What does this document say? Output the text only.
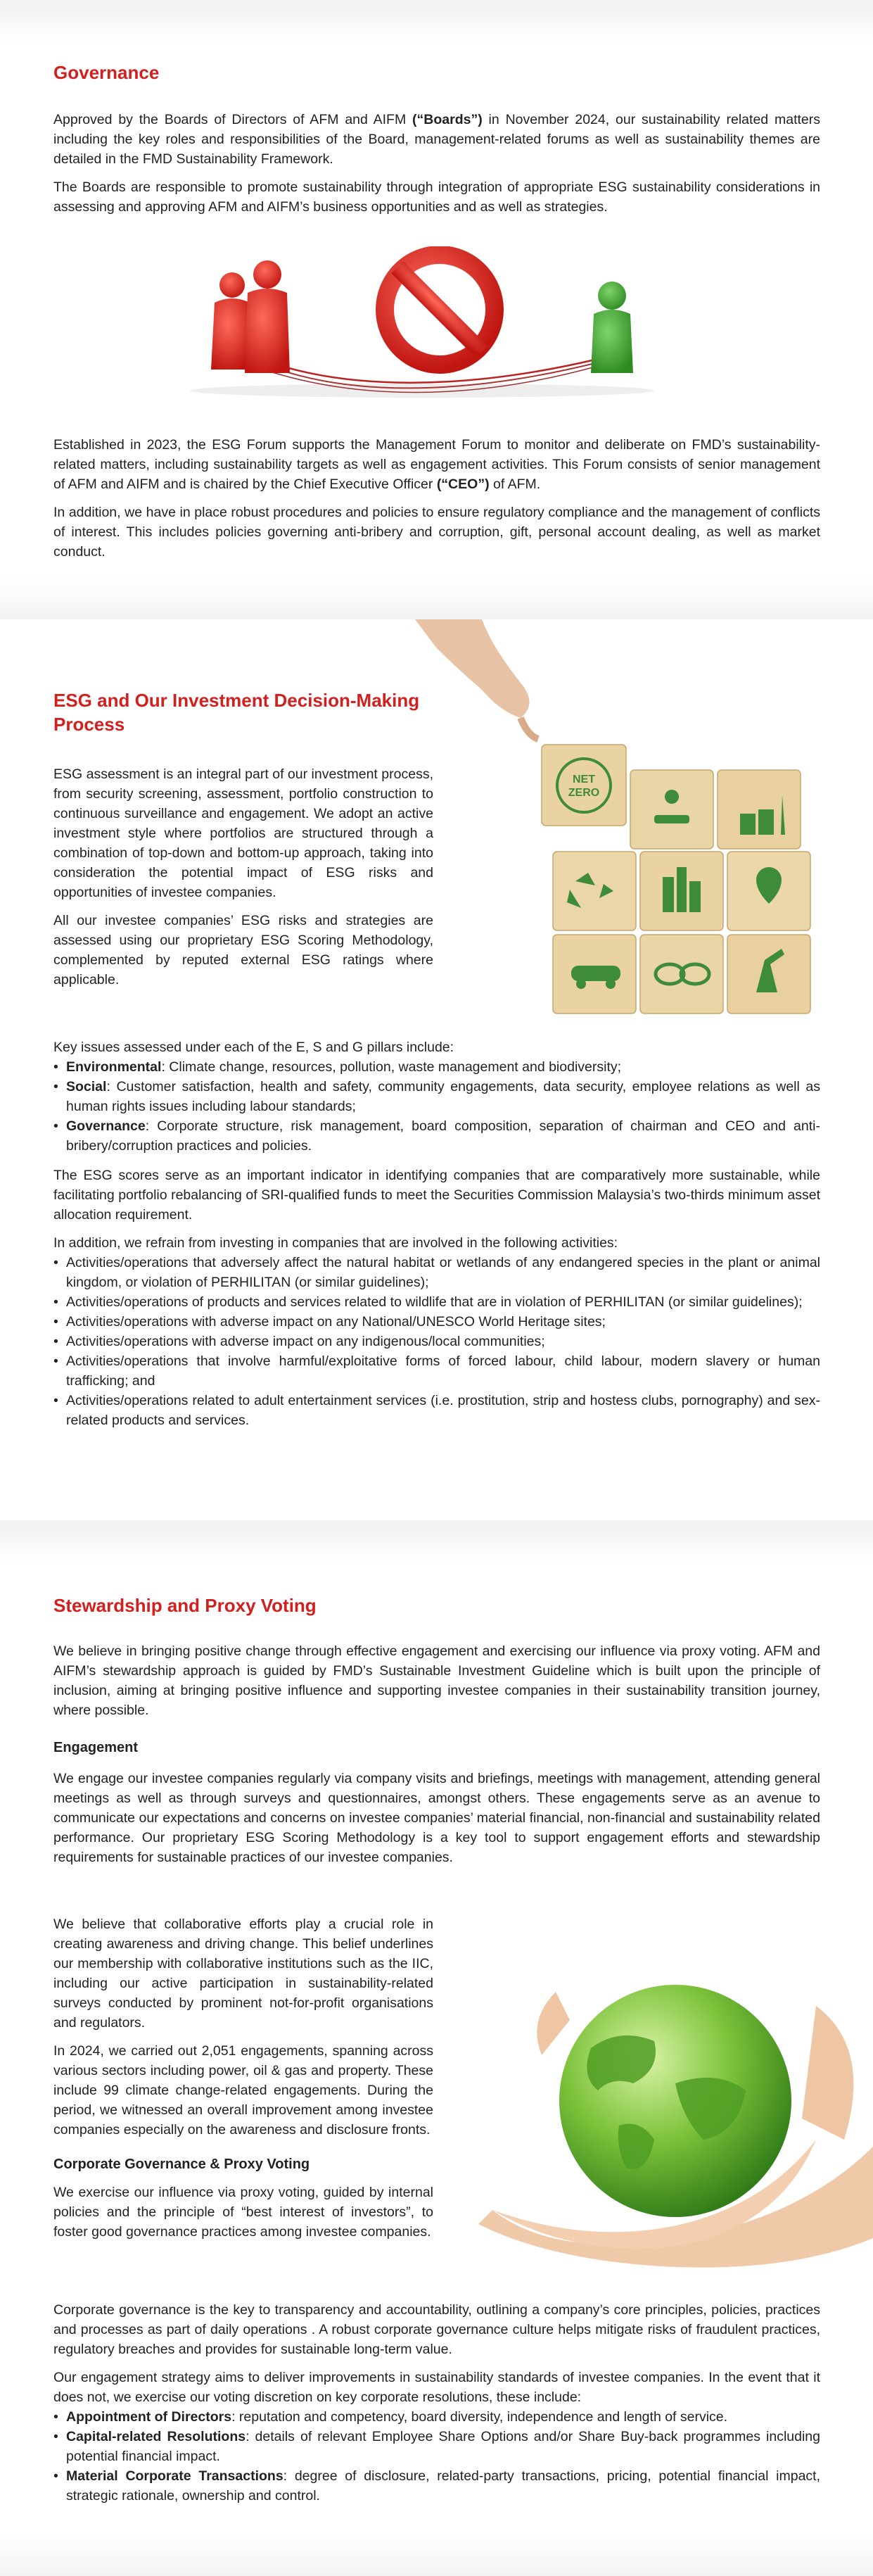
Governance

Approved by the Boards of Directors of AFM and AIFM (“Boards”) in November 2024, our sustainability related matters including the key roles and responsibilities of the Board, management-related forums as well as sustainability themes are detailed in the FMD Sustainability Framework.

The Boards are responsible to promote sustainability through integration of appropriate ESG sustainability considerations in assessing and approving AFM and AIFM’s business opportunities and as well as strategies.

Established in 2023, the ESG Forum supports the Management Forum to monitor and deliberate on FMD’s sustainability-related matters, including sustainability targets as well as engagement activities. This Forum consists of senior management of AFM and AIFM and is chaired by the Chief Executive Officer (“CEO”) of AFM.

In addition, we have in place robust procedures and policies to ensure regulatory compliance and the management of conflicts of interest. This includes policies governing anti-bribery and corruption, gift, personal account dealing, as well as market conduct.

NET
ZERO
ESG and Our Investment Decision-Making
Process

ESG assessment is an integral part of our investment process, from security screening, assessment, portfolio construction to continuous surveillance and engagement. We adopt an active investment style where portfolios are structured through a combination of top-down and bottom-up approach, taking into consideration the potential impact of ESG risks and opportunities of investee companies.

All our investee companies’ ESG risks and strategies are assessed using our proprietary ESG Scoring Methodology, complemented by reputed external ESG ratings where applicable.

Key issues assessed under each of the E, S and G pillars include:

• Environmental: Climate change, resources, pollution, waste management and biodiversity;
• Social: Customer satisfaction, health and safety, community engagements, data security, employee relations as well as human rights issues including labour standards;
• Governance: Corporate structure, risk management, board composition, separation of chairman and CEO and anti-bribery/corruption practices and policies.

The ESG scores serve as an important indicator in identifying companies that are comparatively more sustainable, while facilitating portfolio rebalancing of SRI-qualified funds to meet the Securities Commission Malaysia’s two-thirds minimum asset allocation requirement.

In addition, we refrain from investing in companies that are involved in the following activities:

• Activities/operations that adversely affect the natural habitat or wetlands of any endangered species in the plant or animal kingdom, or violation of PERHILITAN (or similar guidelines);
• Activities/operations of products and services related to wildlife that are in violation of PERHILITAN (or similar guidelines);
• Activities/operations with adverse impact on any National/UNESCO World Heritage sites;
• Activities/operations with adverse impact on any indigenous/local communities;
• Activities/operations that involve harmful/exploitative forms of forced labour, child labour, modern slavery or human trafficking; and
• Activities/operations related to adult entertainment services (i.e. prostitution, strip and hostess clubs, pornography) and sex-related products and services.
Stewardship and Proxy Voting

We believe in bringing positive change through effective engagement and exercising our influence via proxy voting. AFM and AIFM’s stewardship approach is guided by FMD’s Sustainable Investment Guideline which is built upon the principle of inclusion, aiming at bringing positive influence and supporting investee companies in their sustainability transition journey, where possible.

Engagement

We engage our investee companies regularly via company visits and briefings, meetings with management, attending general meetings as well as through surveys and questionnaires, amongst others. These engagements serve as an avenue to communicate our expectations and concerns on investee companies’ material financial, non-financial and sustainability related performance. Our proprietary ESG Scoring Methodology is a key tool to support engagement efforts and stewardship requirements for sustainable practices of our investee companies.

We believe that collaborative efforts play a crucial role in creating awareness and driving change. This belief underlines our membership with collaborative institutions such as the IIC, including our active participation in sustainability-related surveys conducted by prominent not-for-profit organisations and regulators.

In 2024, we carried out 2,051 engagements, spanning across various sectors including power, oil & gas and property. These include 99 climate change-related engagements. During the period, we witnessed an overall improvement among investee companies especially on the awareness and disclosure fronts.

Corporate Governance & Proxy Voting

We exercise our influence via proxy voting, guided by internal policies and the principle of “best interest of investors”, to foster good governance practices among investee companies.

Corporate governance is the key to transparency and accountability, outlining a company’s core principles, policies, practices and processes as part of daily operations . A robust corporate governance culture helps mitigate risks of fraudulent practices, regulatory breaches and provides for sustainable long-term value.

Our engagement strategy aims to deliver improvements in sustainability standards of investee companies. In the event that it does not, we exercise our voting discretion on key corporate resolutions, these include:

• Appointment of Directors: reputation and competency, board diversity, independence and length of service.
• Capital-related Resolutions: details of relevant Employee Share Options and/or Share Buy-back programmes including potential financial impact.
• Material Corporate Transactions: degree of disclosure, related-party transactions, pricing, potential financial impact, strategic rationale, ownership and control.
